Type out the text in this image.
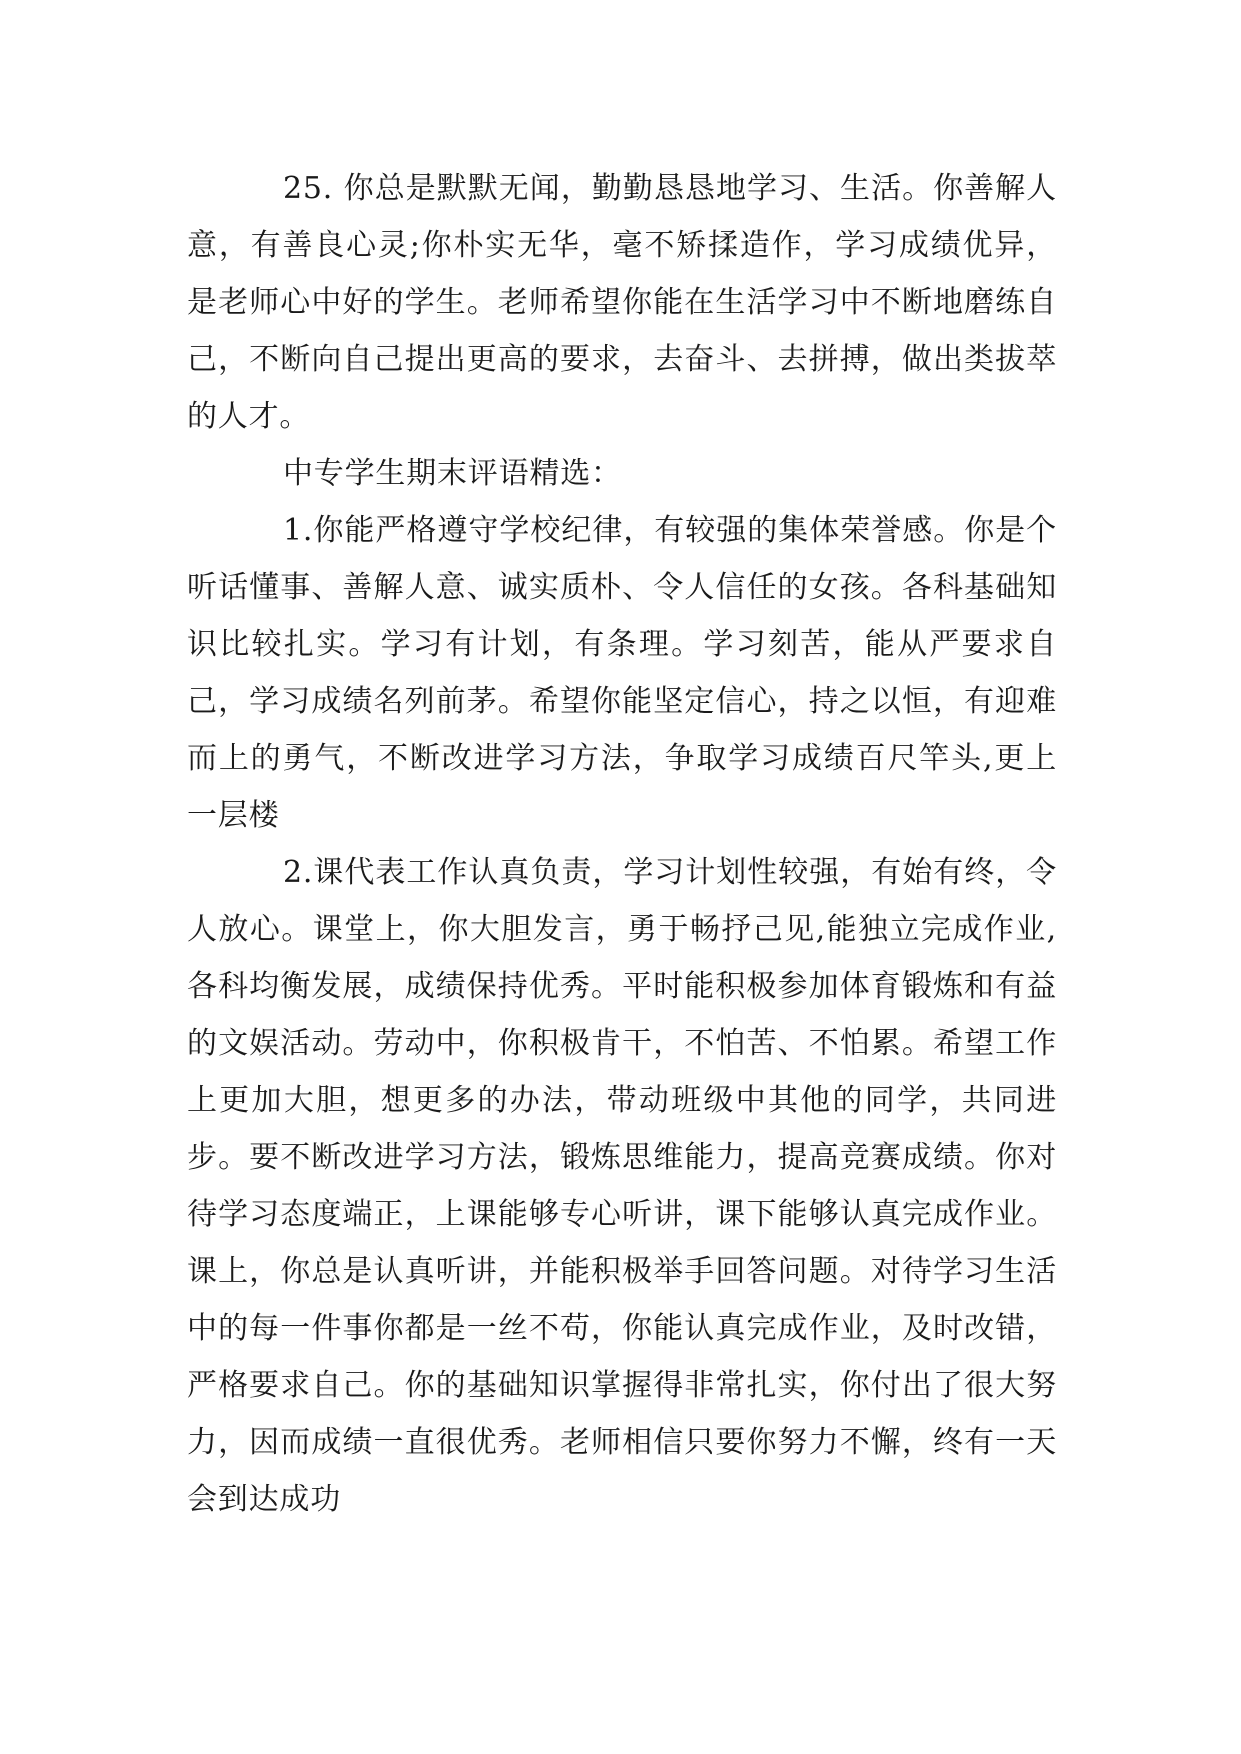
25. 你总是默默无闻，勤勤恳恳地学习、生活。你善解人意，有善良心灵;你朴实无华，毫不矫揉造作，学习成绩优异，是老师心中好的学生。老师希望你能在生活学习中不断地磨练自己，不断向自己提出更高的要求，去奋斗、去拼搏，做出类拔萃的人才。

中专学生期末评语精选：

1.你能严格遵守学校纪律，有较强的集体荣誉感。你是个听话懂事、善解人意、诚实质朴、令人信任的女孩。各科基础知识比较扎实。学习有计划，有条理。学习刻苦，能从严要求自己，学习成绩名列前茅。希望你能坚定信心，持之以恒，有迎难而上的勇气，不断改进学习方法，争取学习成绩百尺竿头,更上一层楼

2.课代表工作认真负责，学习计划性较强，有始有终，令人放心。课堂上，你大胆发言，勇于畅抒己见,能独立完成作业,各科均衡发展，成绩保持优秀。平时能积极参加体育锻炼和有益的文娱活动。劳动中，你积极肯干，不怕苦、不怕累。希望工作上更加大胆，想更多的办法，带动班级中其他的同学，共同进步。要不断改进学习方法，锻炼思维能力，提高竞赛成绩。你对待学习态度端正，上课能够专心听讲，课下能够认真完成作业。课上，你总是认真听讲，并能积极举手回答问题。对待学习生活中的每一件事你都是一丝不苟，你能认真完成作业，及时改错，严格要求自己。你的基础知识掌握得非常扎实，你付出了很大努力，因而成绩一直很优秀。老师相信只要你努力不懈，终有一天会到达成功
